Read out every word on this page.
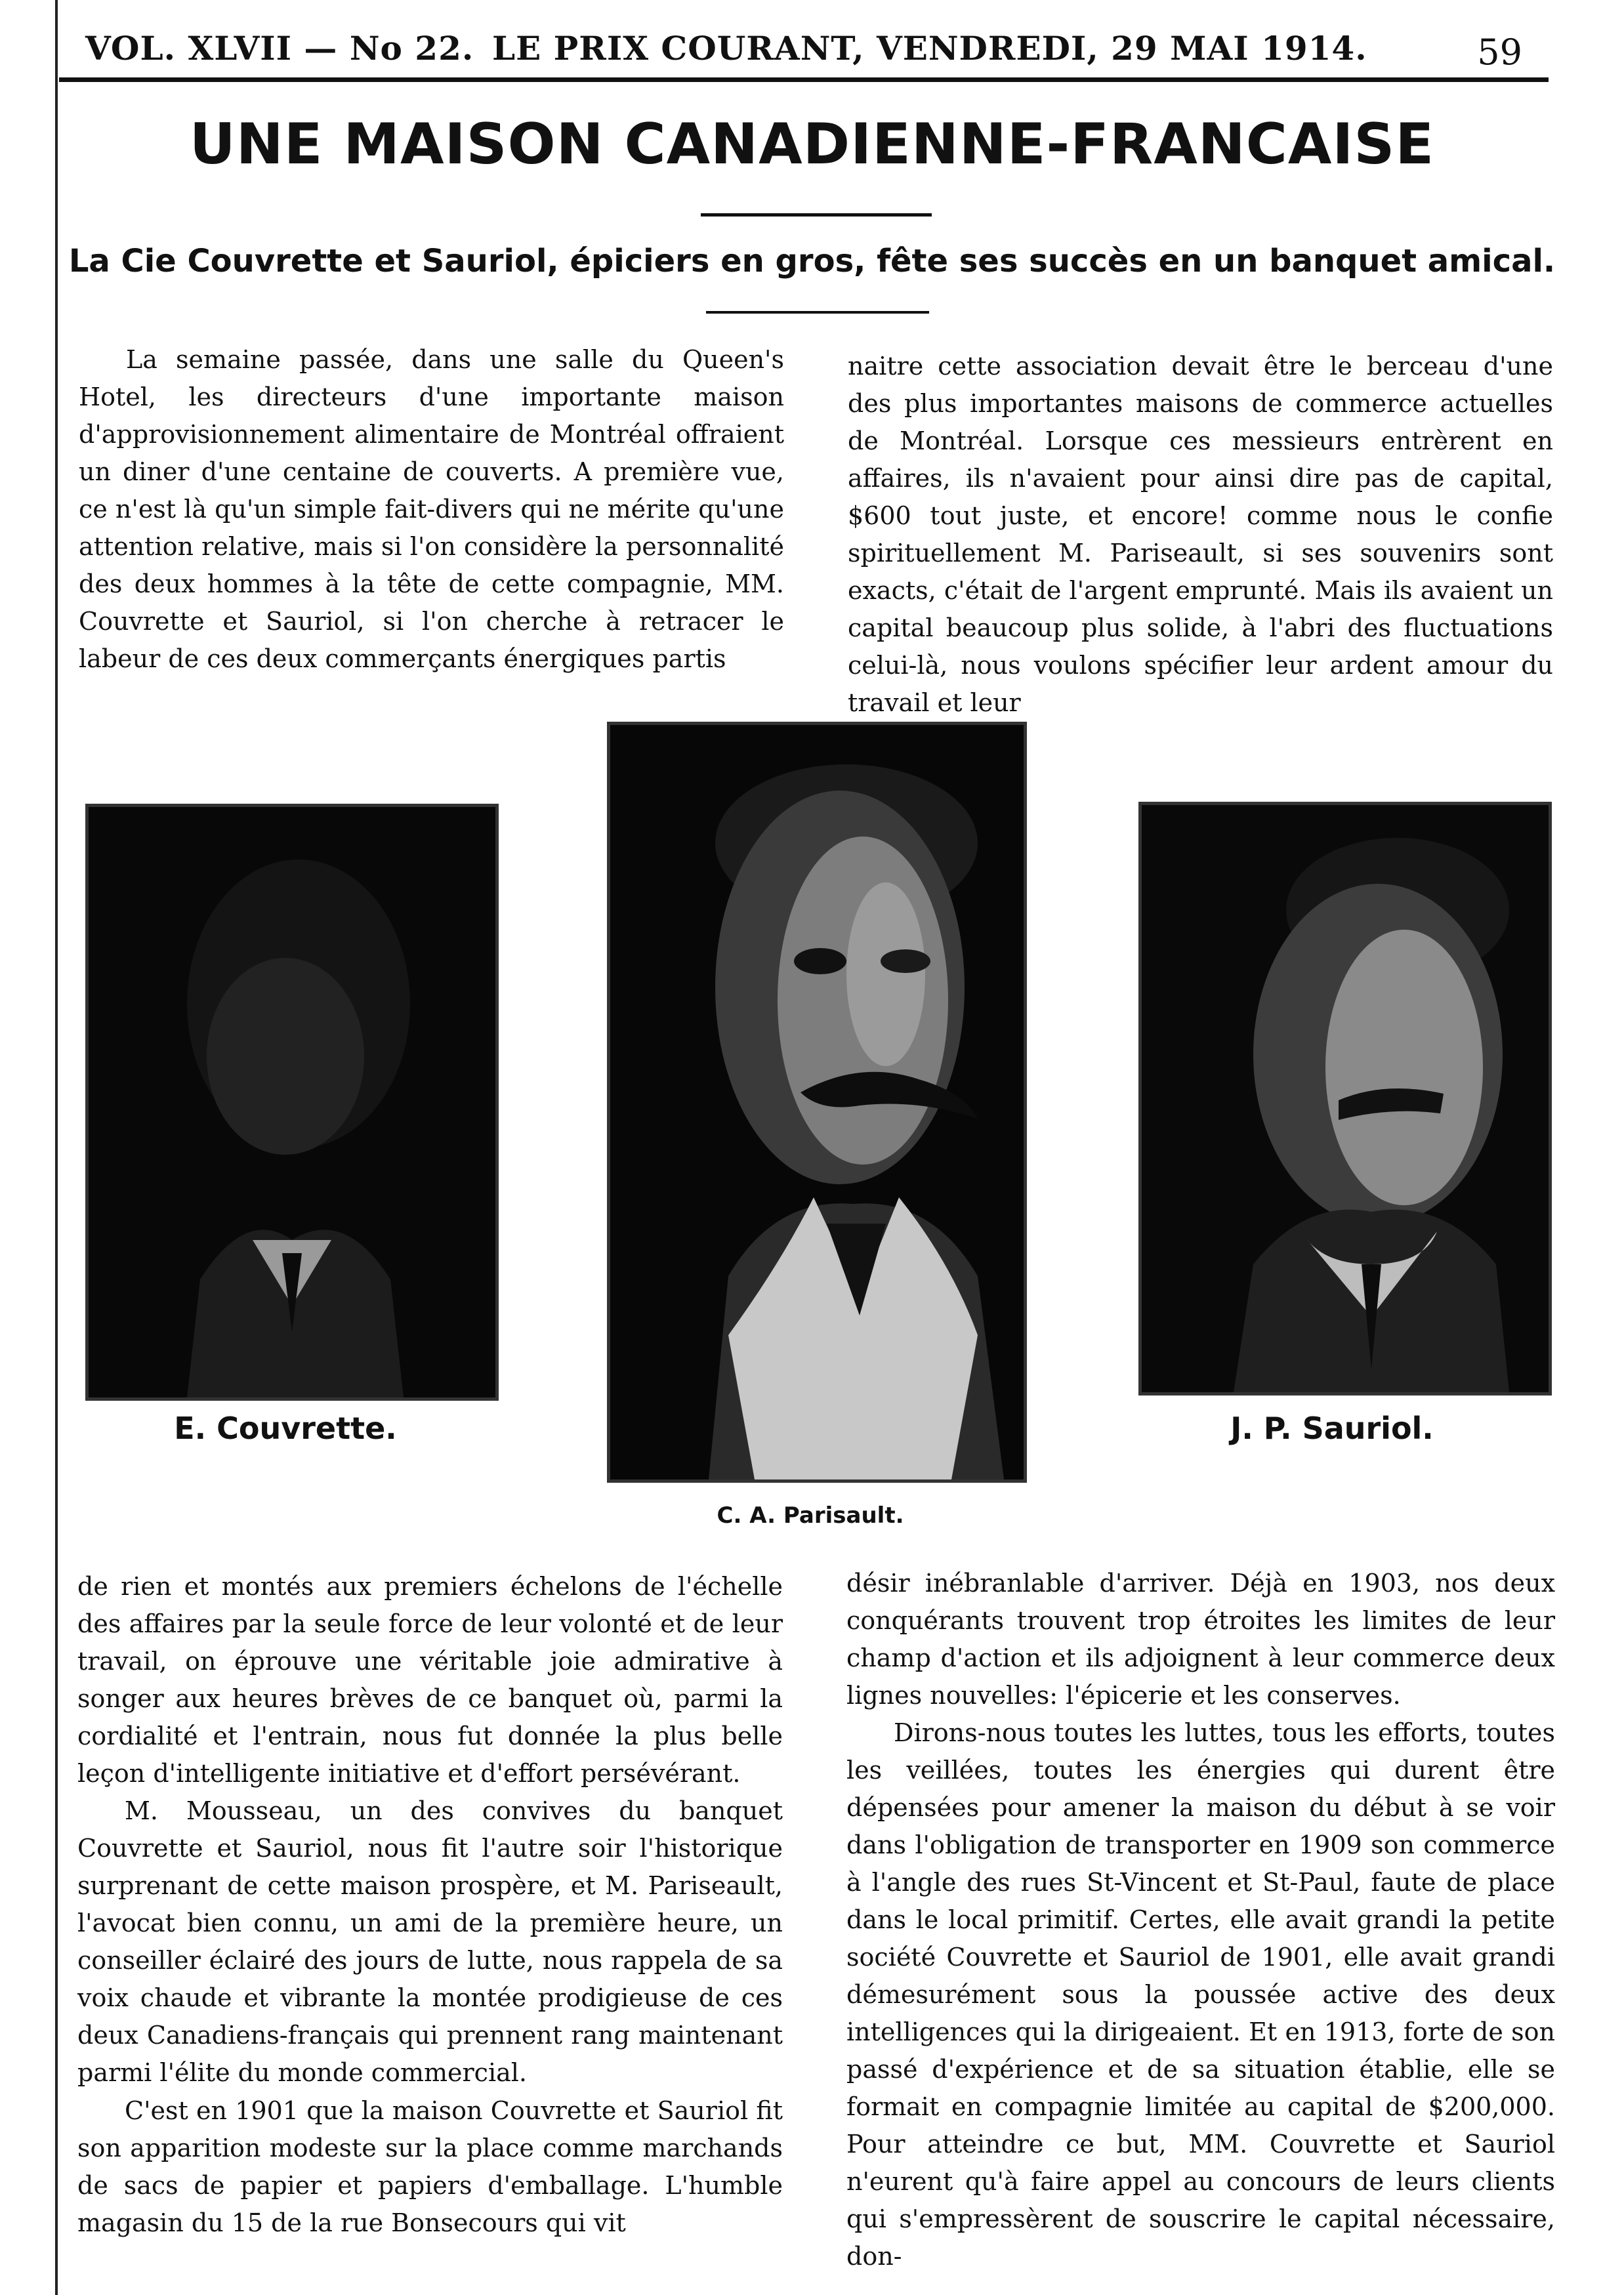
VOL. XLVII — No 22. LE PRIX COURANT, VENDREDI, 29 MAI 1914.	59
UNE MAISON CANADIENNE-FRANCAISE
La Cie Couvrette et Sauriol, épiciers en gros, fête ses succès en un banquet amical.

La semaine passée, dans une salle du Queen's Hotel, les directeurs d'une importante maison d'approvisionnement alimentaire de Montréal offraient un diner d'une centaine de couverts. A première vue, ce n'est là qu'un simple fait-divers qui ne mérite qu'une attention relative, mais si l'on considère la personnalité des deux hommes à la tête de cette compagnie, MM. Couvrette et Sauriol, si l'on cherche à retracer le labeur de ces deux commerçants énergiques partis

naitre cette association devait être le berceau d'une des plus importantes maisons de commerce actuelles de Montréal. Lorsque ces messieurs entrèrent en affaires, ils n'avaient pour ainsi dire pas de capital, $600 tout juste, et encore! comme nous le confie spirituellement M. Pariseault, si ses souvenirs sont exacts, c'était de l'argent emprunté. Mais ils avaient un capital beaucoup plus solide, à l'abri des fluctuations celui-là, nous voulons spécifier leur ardent amour du travail et leur

E. Couvrette.
C. A. Parisault.
J. P. Sauriol.

de rien et montés aux premiers échelons de l'échelle des affaires par la seule force de leur volonté et de leur travail, on éprouve une véritable joie admirative à songer aux heures brèves de ce banquet où, parmi la cordialité et l'entrain, nous fut donnée la plus belle leçon d'intelligente initiative et d'effort persévérant.

M. Mousseau, un des convives du banquet Couvrette et Sauriol, nous fit l'autre soir l'historique surprenant de cette maison prospère, et M. Pariseault, l'avocat bien connu, un ami de la première heure, un conseiller éclairé des jours de lutte, nous rappela de sa voix chaude et vibrante la montée prodigieuse de ces deux Canadiens-français qui prennent rang maintenant parmi l'élite du monde commercial.

C'est en 1901 que la maison Couvrette et Sauriol fit son apparition modeste sur la place comme marchands de sacs de papier et papiers d'emballage. L'humble magasin du 15 de la rue Bonsecours qui vit

désir inébranlable d'arriver. Déjà en 1903, nos deux conquérants trouvent trop étroites les limites de leur champ d'action et ils adjoignent à leur commerce deux lignes nouvelles: l'épicerie et les conserves.

Dirons-nous toutes les luttes, tous les efforts, toutes les veillées, toutes les énergies qui durent être dépensées pour amener la maison du début à se voir dans l'obligation de transporter en 1909 son commerce à l'angle des rues St-Vincent et St-Paul, faute de place dans le local primitif. Certes, elle avait grandi la petite société Couvrette et Sauriol de 1901, elle avait grandi démesurément sous la poussée active des deux intelligences qui la dirigeaient. Et en 1913, forte de son passé d'expérience et de sa situation établie, elle se formait en compagnie limitée au capital de $200,000. Pour atteindre ce but, MM. Couvrette et Sauriol n'eurent qu'à faire appel au concours de leurs clients qui s'empressèrent de souscrire le capital nécessaire, don-
